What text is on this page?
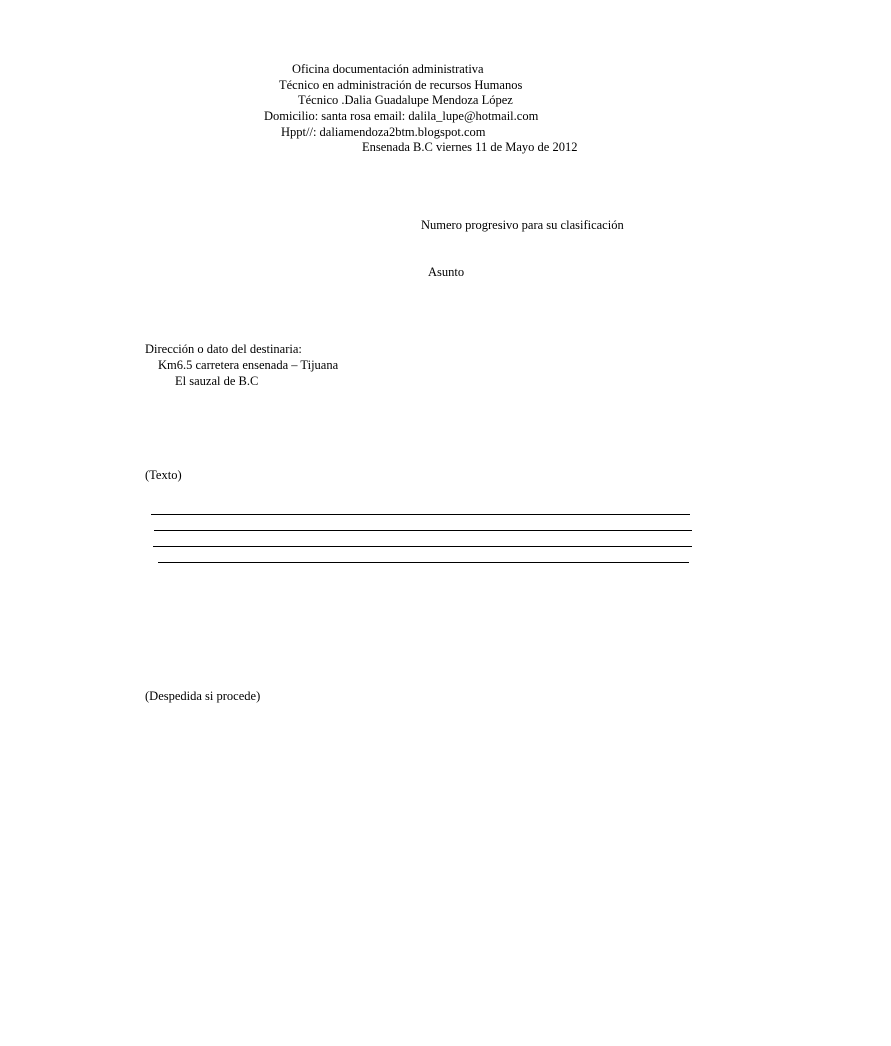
Oficina documentación administrativa
Técnico en administración de recursos Humanos
Técnico .Dalia Guadalupe Mendoza López
Domicilio: santa rosa email: dalila_lupe@hotmail.com
Hppt//: daliamendoza2btm.blogspot.com
Ensenada B.C viernes 11 de Mayo de 2012
Numero progresivo para su clasificación
Asunto
Dirección o dato del destinaria:
Km6.5 carretera ensenada – Tijuana
El sauzal de B.C
(Texto)
(Despedida si procede)
